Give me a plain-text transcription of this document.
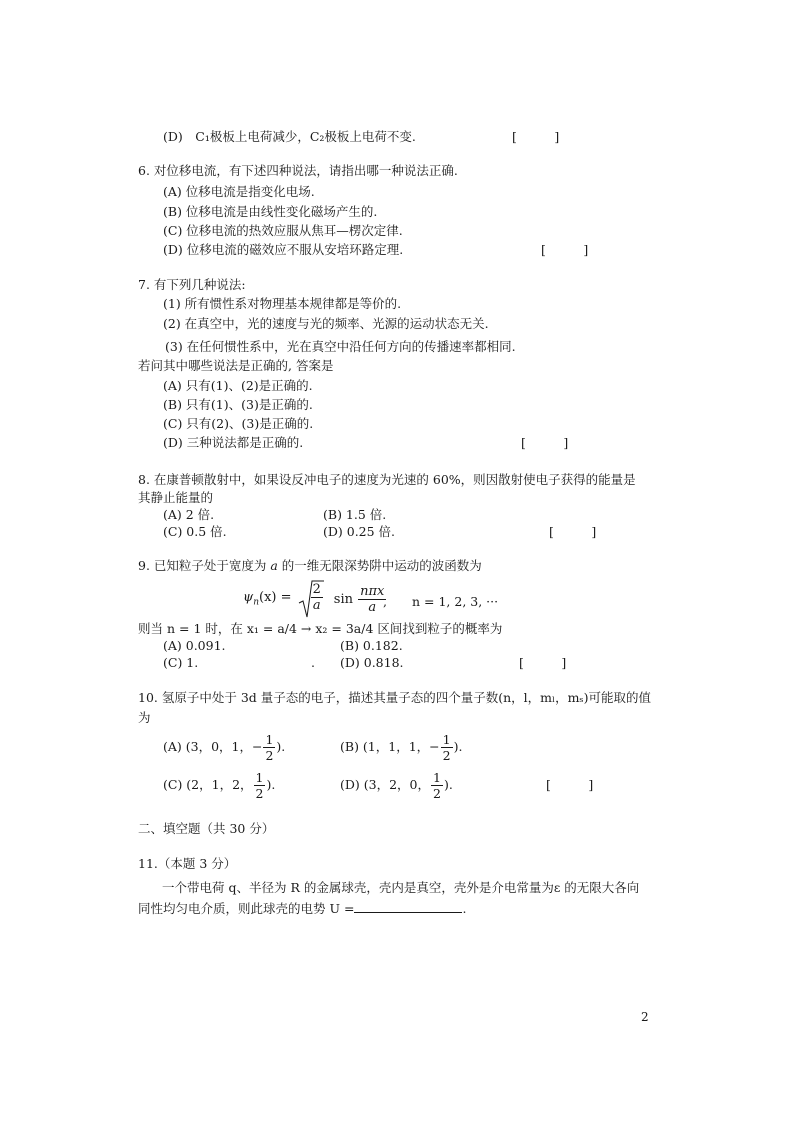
(D)　C₁极板上电荷减少，C₂极板上电荷不变.	[　　　]
6. 对位移电流，有下述四种说法，请指出哪一种说法正确.
(A) 位移电流是指变化电场.
(B) 位移电流是由线性变化磁场产生的.
(C) 位移电流的热效应服从焦耳—楞次定律.
(D) 位移电流的磁效应不服从安培环路定理.	[　　　]
7. 有下列几种说法:
(1) 所有惯性系对物理基本规律都是等价的.
(2) 在真空中，光的速度与光的频率、光源的运动状态无关.
(3) 在任何惯性系中，光在真空中沿任何方向的传播速率都相同.
若问其中哪些说法是正确的, 答案是
(A) 只有(1)、(2)是正确的.
(B) 只有(1)、(3)是正确的.
(C) 只有(2)、(3)是正确的.
(D) 三种说法都是正确的.	[　　　]
8. 在康普顿散射中，如果设反冲电子的速度为光速的 60%，则因散射使电子获得的能量是
其静止能量的
(A) 2 倍.	(B) 1.5 倍.
(C) 0.5 倍.	(D) 0.25 倍.	[　　　]
9. 已知粒子处于宽度为 a 的一维无限深势阱中运动的波函数为
$\psi_n(x) = \frac{2}{a}$ $\sin \frac{\text{nπx}}{a}$
, n = 1, 2, 3, ···
则当 n = 1 时，在 x₁ = a/4 → x₂ = 3a/4 区间找到粒子的概率为
(A) 0.091.	(B) 0.182.
(C) 1.	. (D) 0.818.	[　　　]
10. 氢原子中处于 3d 量子态的电子，描述其量子态的四个量子数(n，l，mₗ，mₛ)可能取的值
为
(A) (3，0，1，− $\frac{1}{2}$ ).	(B) (1，1，1，− $\frac{1}{2}$ ).
(C) (2，1，2， $\frac{1}{2}$ ).	(D) (3，2，0， $\frac{1}{2}$ ).	[　　　]
二、填空题（共 30 分）
11.（本题 3 分）
一个带电荷 q、半径为 R 的金属球壳，壳内是真空，壳外是介电常量为ε 的无限大各向
同性均匀电介质，则此球壳的电势 U =	.
2
